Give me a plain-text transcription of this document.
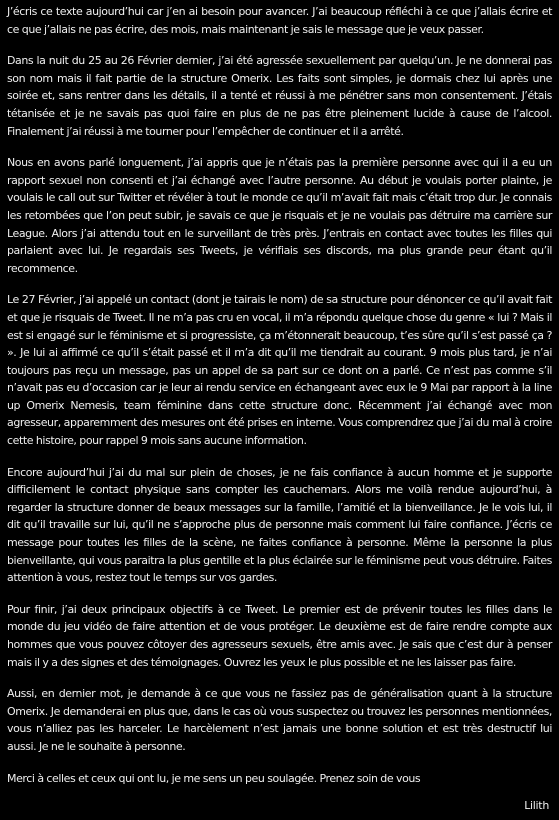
J’écris ce texte aujourd’hui car j’en ai besoin pour avancer. J’ai beaucoup réfléchi à ce que j’allais écrire et ce que j’allais ne pas écrire, des mois, mais maintenant je sais le message que je veux passer.

Dans la nuit du 25 au 26 Février dernier, j’ai été agressée sexuellement par quelqu’un. Je ne donnerai pas son nom mais il fait partie de la structure Omerix. Les faits sont simples, je dormais chez lui après une soirée et, sans rentrer dans les détails, il a tenté et réussi à me pénétrer sans mon consentement. J’étais tétanisée et je ne savais pas quoi faire en plus de ne pas être pleinement lucide à cause de l’alcool. Finalement j’ai réussi à me tourner pour l’empêcher de continuer et il a arrêté.

Nous en avons parlé longuement, j’ai appris que je n’étais pas la première personne avec qui il a eu un rapport sexuel non consenti et j’ai échangé avec l’autre personne. Au début je voulais porter plainte, je voulais le call out sur Twitter et révéler à tout le monde ce qu’il m’avait fait mais c’était trop dur. Je connais les retombées que l’on peut subir, je savais ce que je risquais et je ne voulais pas détruire ma carrière sur League. Alors j’ai attendu tout en le surveillant de très près. J’entrais en contact avec toutes les filles qui parlaient avec lui. Je regardais ses Tweets, je vérifiais ses discords, ma plus grande peur étant qu’il recommence.

Le 27 Février, j’ai appelé un contact (dont je tairais le nom) de sa structure pour dénoncer ce qu’il avait fait et que je risquais de Tweet. Il ne m’a pas cru en vocal, il m’a répondu quelque chose du genre « lui ? Mais il est si engagé sur le féminisme et si progressiste, ça m’étonnerait beaucoup, t’es sûre qu’il s’est passé ça ? ». Je lui ai affirmé ce qu’il s’était passé et il m’a dit qu’il me tiendrait au courant. 9 mois plus tard, je n’ai toujours pas reçu un message, pas un appel de sa part sur ce dont on a parlé. Ce n’est pas comme s’il n’avait pas eu d’occasion car je leur ai rendu service en échangeant avec eux le 9 Mai par rapport à la line up Omerix Nemesis, team féminine dans cette structure donc. Récemment j’ai échangé avec mon agresseur, apparemment des mesures ont été prises en interne. Vous comprendrez que j’ai du mal à croire cette histoire, pour rappel 9 mois sans aucune information.

Encore aujourd’hui j’ai du mal sur plein de choses, je ne fais confiance à aucun homme et je supporte difficilement le contact physique sans compter les cauchemars. Alors me voilà rendue aujourd’hui, à regarder la structure donner de beaux messages sur la famille, l’amitié et la bienveillance. Je le vois lui, il dit qu’il travaille sur lui, qu’il ne s’approche plus de personne mais comment lui faire confiance. J’écris ce message pour toutes les filles de la scène, ne faites confiance à personne. Même la personne la plus bienveillante, qui vous paraitra la plus gentille et la plus éclairée sur le féminisme peut vous détruire. Faites attention à vous, restez tout le temps sur vos gardes.

Pour finir, j’ai deux principaux objectifs à ce Tweet. Le premier est de prévenir toutes les filles dans le monde du jeu vidéo de faire attention et de vous protéger. Le deuxième est de faire rendre compte aux hommes que vous pouvez côtoyer des agresseurs sexuels, être amis avec. Je sais que c’est dur à penser mais il y a des signes et des témoignages. Ouvrez les yeux le plus possible et ne les laisser pas faire.

Aussi, en dernier mot, je demande à ce que vous ne fassiez pas de généralisation quant à la structure Omerix. Je demanderai en plus que, dans le cas où vous suspectez ou trouvez les personnes mentionnées, vous n’alliez pas les harceler. Le harcèlement n’est jamais une bonne solution et est très destructif lui aussi. Je ne le souhaite à personne.

Merci à celles et ceux qui ont lu, je me sens un peu soulagée. Prenez soin de vous

Lilith
